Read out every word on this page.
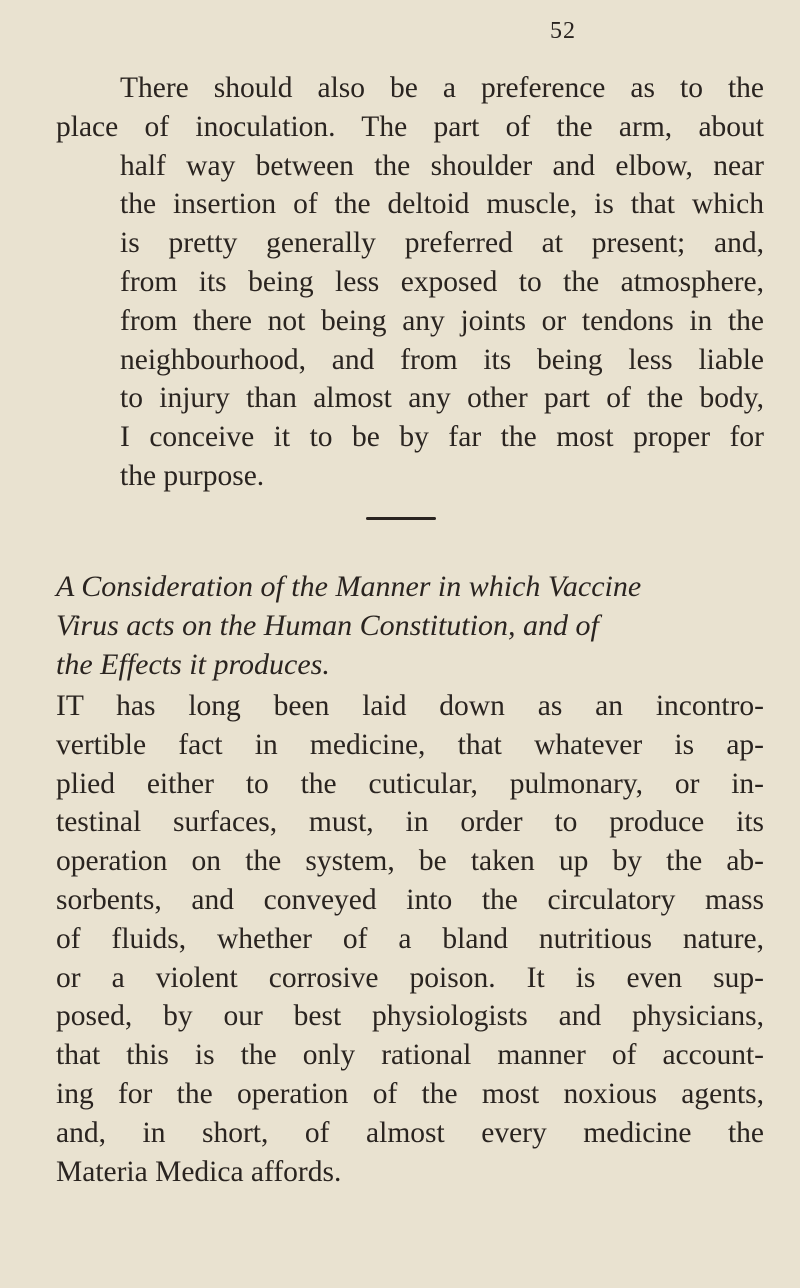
52
There should also be a preference as to the
place of inoculation. The part of the arm, about
half way between the shoulder and elbow, near
the insertion of the deltoid muscle, is that which
is pretty generally preferred at present; and,
from its being less exposed to the atmosphere,
from there not being any joints or tendons in the
neighbourhood, and from its being less liable
to injury than almost any other part of the body,
I conceive it to be by far the most proper for
the purpose.
A Consideration of the Manner in which Vaccine
Virus acts on the Human Constitution, and of
the Effects it produces.
IT has long been laid down as an incontro-
vertible fact in medicine, that whatever is ap-
plied either to the cuticular, pulmonary, or in-
testinal surfaces, must, in order to produce its
operation on the system, be taken up by the ab-
sorbents, and conveyed into the circulatory mass
of fluids, whether of a bland nutritious nature,
or a violent corrosive poison. It is even sup-
posed, by our best physiologists and physicians,
that this is the only rational manner of account-
ing for the operation of the most noxious agents,
and, in short, of almost every medicine the
Materia Medica affords.
